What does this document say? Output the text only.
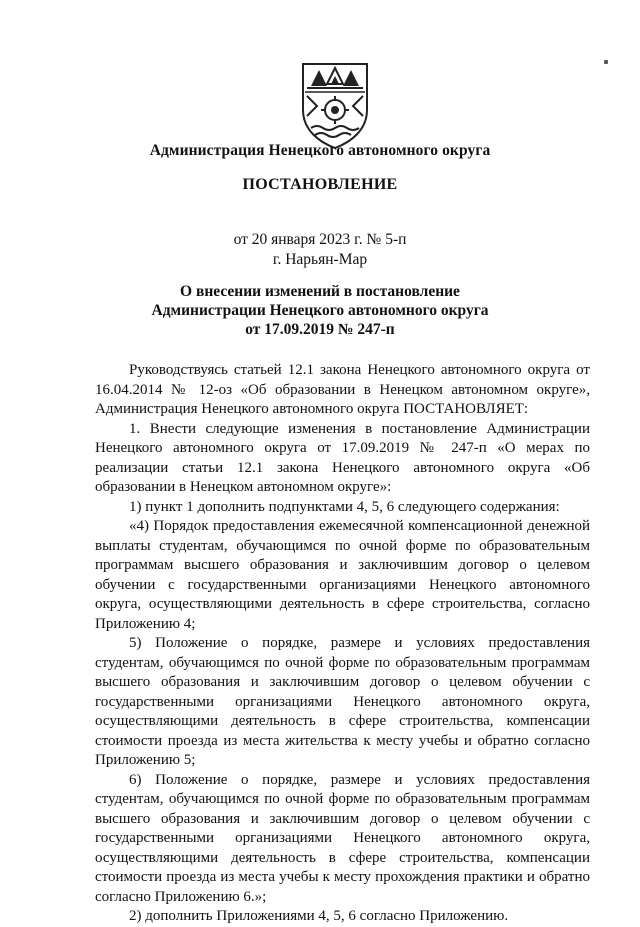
Администрация Ненецкого автономного округа
ПОСТАНОВЛЕНИЕ
от 20 января 2023 г. № 5-п
г. Нарьян-Мар
О внесении изменений в постановление
Администрации Ненецкого автономного округа
от 17.09.2019 № 247-п

Руководствуясь статьей 12.1 закона Ненецкого автономного округа от 16.04.2014 № 12-оз «Об образовании в Ненецком автономном округе», Администрация Ненецкого автономного округа ПОСТАНОВЛЯЕТ:

1. Внести следующие изменения в постановление Администрации Ненецкого автономного округа от 17.09.2019 № 247-п «О мерах по реализации статьи 12.1 закона Ненецкого автономного округа «Об образовании в Ненецком автономном округе»:

1) пункт 1 дополнить подпунктами 4, 5, 6 следующего содержания:

«4) Порядок предоставления ежемесячной компенсационной денежной выплаты студентам, обучающимся по очной форме по образовательным программам высшего образования и заключившим договор о целевом обучении с государственными организациями Ненецкого автономного округа, осуществляющими деятельность в сфере строительства, согласно Приложению 4;

5) Положение о порядке, размере и условиях предоставления студентам, обучающимся по очной форме по образовательным программам высшего образования и заключившим договор о целевом обучении с государственными организациями Ненецкого автономного округа, осуществляющими деятельность в сфере строительства, компенсации стоимости проезда из места жительства к месту учебы и обратно согласно Приложению 5;

6) Положение о порядке, размере и условиях предоставления студентам, обучающимся по очной форме по образовательным программам высшего образования и заключившим договор о целевом обучении с государственными организациями Ненецкого автономного округа, осуществляющими деятельность в сфере строительства, компенсации стоимости проезда из места учебы к месту прохождения практики и обратно согласно Приложению 6.»;

2) дополнить Приложениями 4, 5, 6 согласно Приложению.
